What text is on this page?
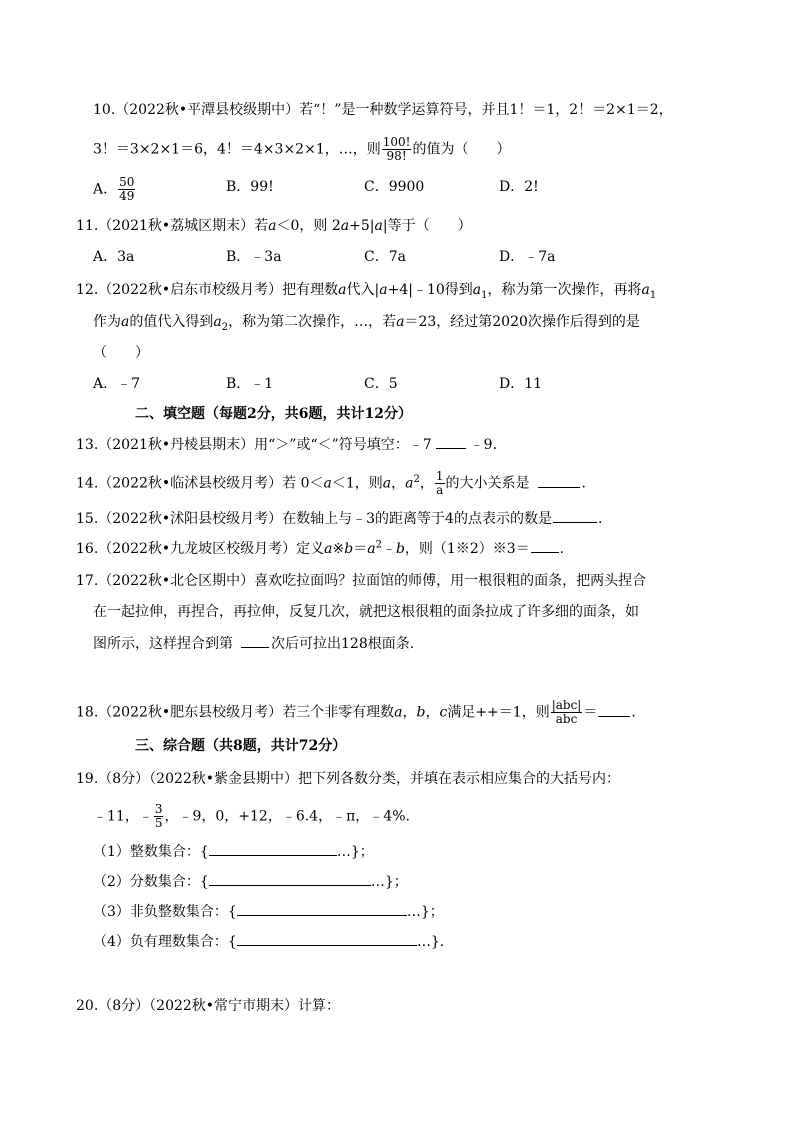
10.（2022秋•平潭县校级期中）若“！”是一种数学运算符号，并且1！＝1，2！＝2×1＝2，
3！＝3×2×1＝6，4！＝4×3×2×1，…，则 $\frac{100!}{98!}$ 的值为（　　）
A． $\frac{50}{49}$	B．99!	C．9900	D．2!
11.（2021秋•荔城区期末）若a＜0，则 2a+5|a|等于（　　）
A．3a	B．﹣3a	C．7a	D．﹣7a
12.（2022秋•启东市校级月考）把有理数a代入|a+4|﹣10得到$a_1$，称为第一次操作，再将$a_1$
作为a的值代入得到$a_2$，称为第二次操作，…，若a＝23，经过第2020次操作后得到的是
（　　）
A．﹣7	B．﹣1	C．5	D．11
二、填空题（每题2分，共6题，共计12分）
13.（2021秋•丹棱县期末）用“＞”或“＜”符号填空：﹣7	﹣9.
14.（2022秋•临沭县校级月考）若 0＜a＜1，则a，$a^2$， $\frac{1}{a}$ 的大小关系是	.
15.（2022秋•沭阳县校级月考）在数轴上与﹣3的距离等于4的点表示的数是	.
16.（2022秋•九龙坡区校级月考）定义$a※b=a^2﹣b$，则（1※2）※3＝ .
17.（2022秋•北仑区期中）喜欢吃拉面吗？拉面馆的师傅，用一根很粗的面条，把两头捏合
在一起拉伸，再捏合，再拉伸，反复几次，就把这根很粗的面条拉成了许多细的面条，如
图所示，这样捏合到第	次后可拉出128根面条.
18.（2022秋•肥东县校级月考）若三个非零有理数a，b，c满足++＝1，则 $\frac{\text{|abc|}}{\text{abc}}$ ＝ .
三、综合题（共8题，共计72分）
19.（8分）（2022秋•紫金县期中）把下列各数分类，并填在表示相应集合的大括号内：
﹣11，﹣ $\frac{3}{5}$ ，﹣9，0，+12，﹣6.4，﹣π，﹣4%.
（1）整数集合：{	…}；
（2）分数集合：{	…}；
（3）非负整数集合：{	…}；
（4）负有理数集合：{	…}.
20.（8分）（2022秋•常宁市期末）计算：
